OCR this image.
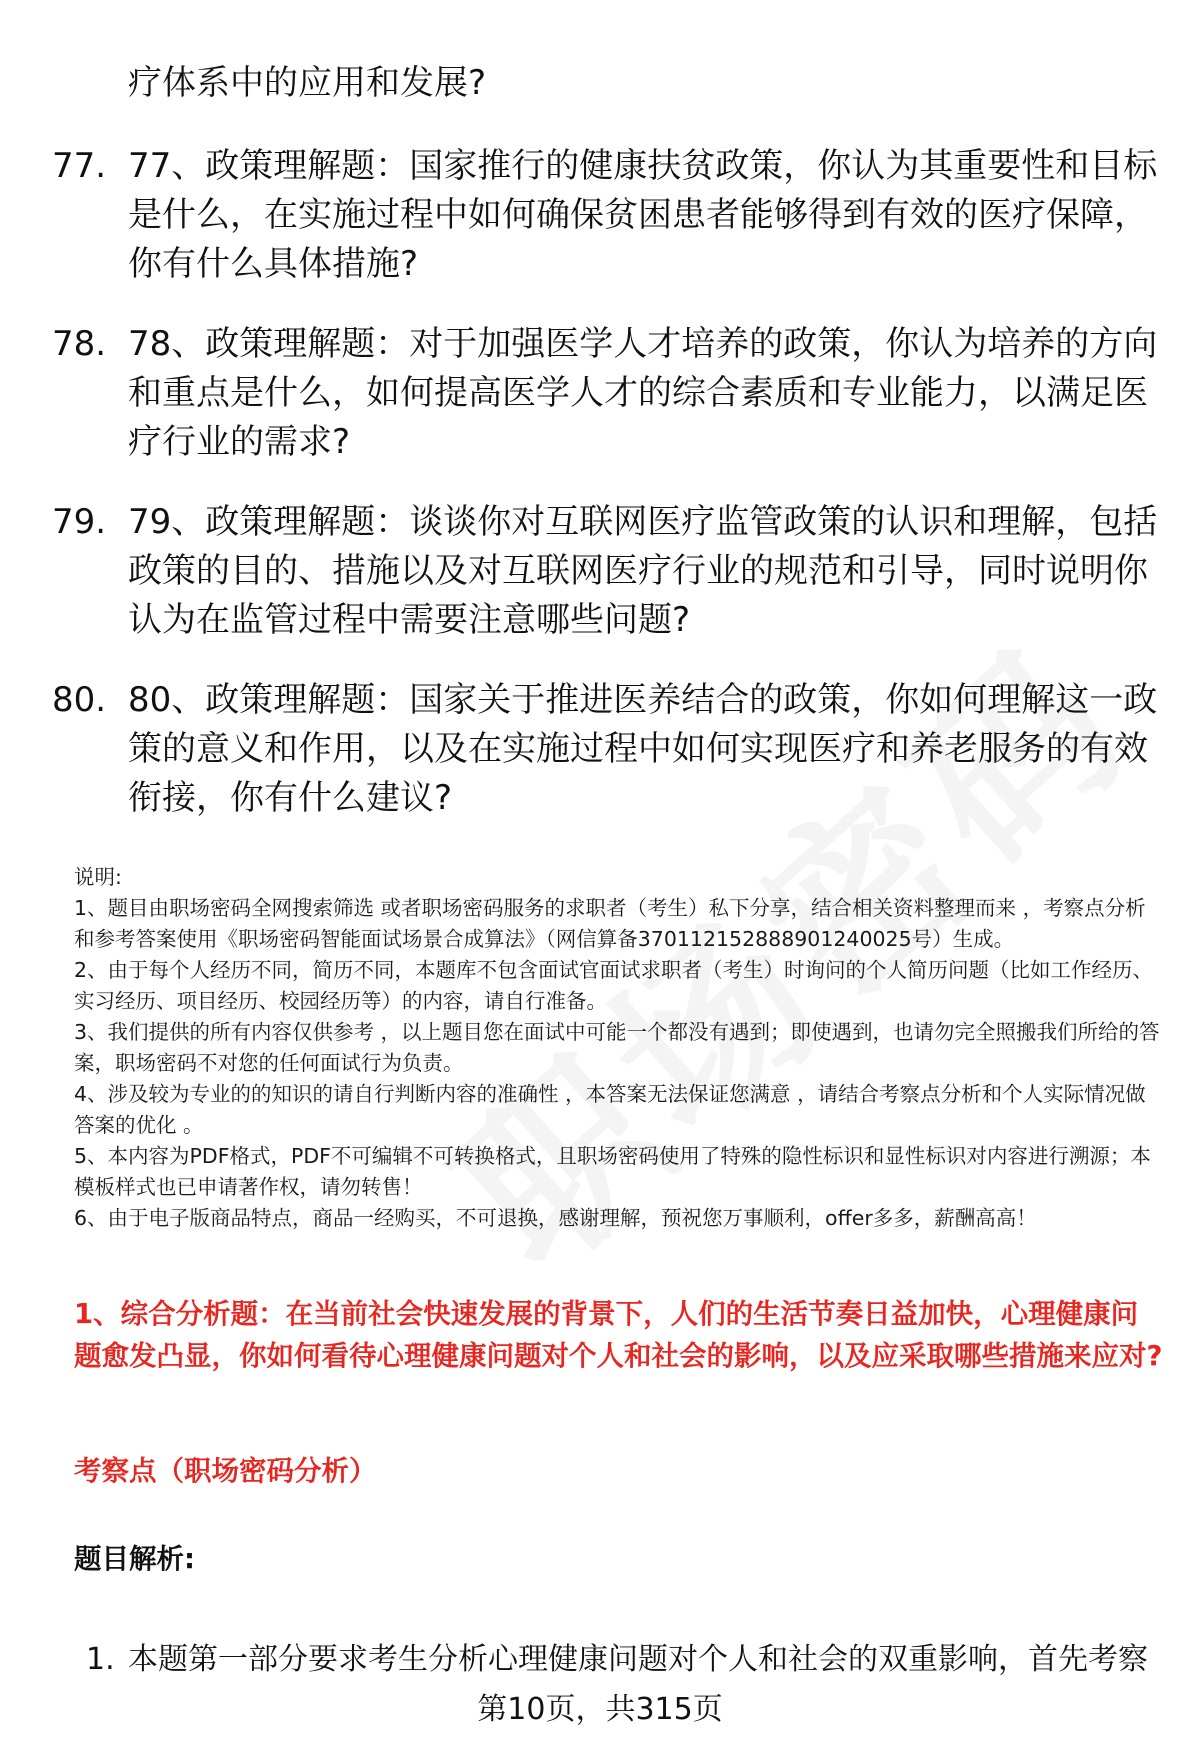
疗体系中的应用和发展?
77. 77、政策理解题：国家推行的健康扶贫政策，你认为其重要性和目标是什么，在实施过程中如何确保贫困患者能够得到有效的医疗保障，你有什么具体措施?
78. 78、政策理解题：对于加强医学人才培养的政策，你认为培养的方向和重点是什么，如何提高医学人才的综合素质和专业能力，以满足医疗行业的需求?
79. 79、政策理解题：谈谈你对互联网医疗监管政策的认识和理解，包括政策的目的、措施以及对互联网医疗行业的规范和引导，同时说明你认为在监管过程中需要注意哪些问题?
80. 80、政策理解题：国家关于推进医养结合的政策，你如何理解这一政策的意义和作用，以及在实施过程中如何实现医疗和养老服务的有效衔接，你有什么建议?

说明:

1、题目由职场密码全网搜索筛选 或者职场密码服务的求职者（考生）私下分享，结合相关资料整理而来 ，考察点分析和参考答案使用《职场密码智能面试场景合成算法》（网信算备370112152888901240025号）生成。

2、由于每个人经历不同，简历不同，本题库不包含面试官面试求职者（考生）时询问的个人简历问题（比如工作经历、实习经历、项目经历、校园经历等）的内容，请自行准备。

3、我们提供的所有内容仅供参考 ，以上题目您在面试中可能一个都没有遇到；即使遇到，也请勿完全照搬我们所给的答案，职场密码不对您的任何面试行为负责。

4、涉及较为专业的的知识的请自行判断内容的准确性 ，本答案无法保证您满意 ，请结合考察点分析和个人实际情况做答案的优化 。

5、本内容为PDF格式，PDF不可编辑不可转换格式，且职场密码使用了特殊的隐性标识和显性标识对内容进行溯源；本模板样式也已申请著作权，请勿转售！

6、由于电子版商品特点，商品一经购买，不可退换，感谢理解，预祝您万事顺利，offer多多，薪酬高高！

1、综合分析题：在当前社会快速发展的背景下，人们的生活节奏日益加快，心理健康问题愈发凸显，你如何看待心理健康问题对个人和社会的影响，以及应采取哪些措施来应对?
考察点（职场密码分析）
题目解析:
1. 本题第一部分要求考生分析心理健康问题对个人和社会的双重影响，首先考察
第10页，共315页
